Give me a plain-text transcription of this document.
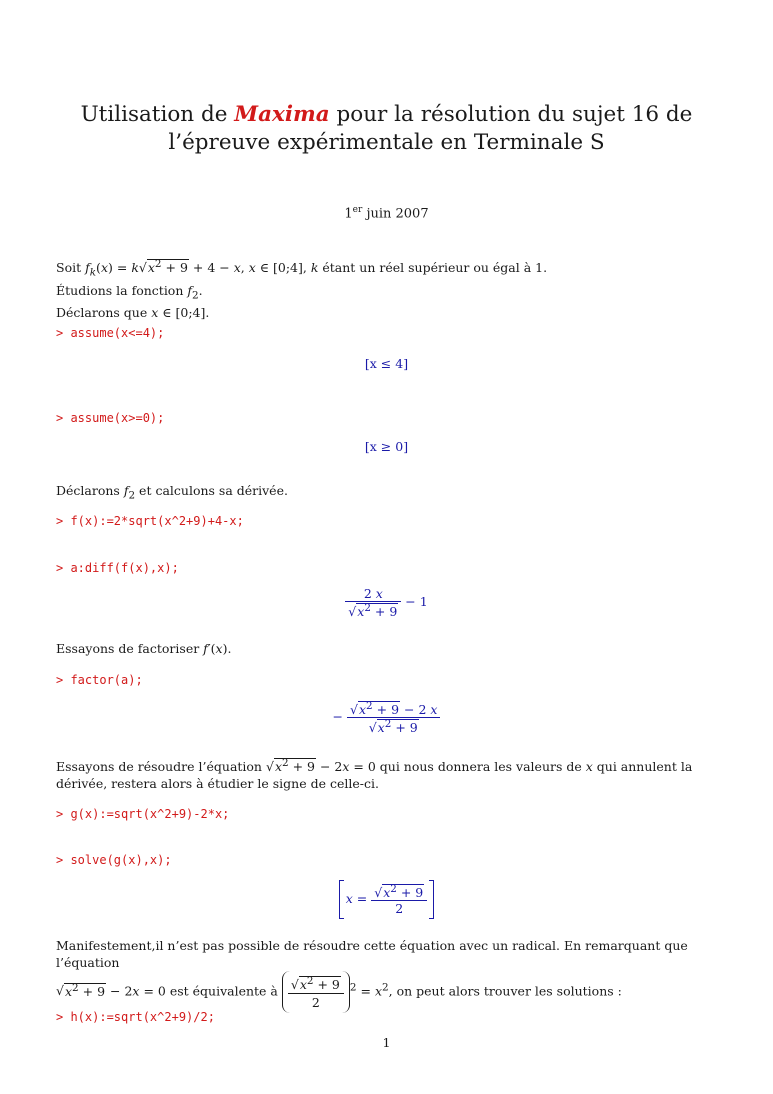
Utilisation de Maxima pour la résolution du sujet 16 de l’épreuve expérimentale en Terminale S
1er juin 2007
Soit $f_k(x) = k√x^2 + 9 + 4 - x$, x ∈ [0;4], k étant un réel supérieur ou égal à 1.
Étudions la fonction $f_2$.
Déclarons que x ∈ [0;4].
> assume(x<=4);
[x ≤ 4]
> assume(x>=0);
[x ≥ 0]
Déclarons $f_2$ et calculons sa dérivée.
> f(x):=2*sqrt(x^2+9)+4-x;
> a:diff(f(x),x);
$\frac{2 x}{√x^2 + 9} - 1$
Essayons de factoriser f′(x).
> factor(a);
− $\frac{√x^2 + 9 - 2 x}{√x^2 + 9}$
Essayons de résoudre l’équation $√x^2 + 9 - 2x = 0$ qui nous donnera les valeurs de x qui annulent la dérivée, restera alors à étudier le signe de celle-ci.
> g(x):=sqrt(x^2+9)-2*x;
> solve(g(x),x);
$x = \frac{√x^2 + 9}{2}$
Manifestement,il n’est pas possible de résoudre cette équation avec un radical. En remarquant que l’équation
$√x^2 + 9 - 2x = 0$ est équivalente à $\frac{√x^2 + 9}{2} ^2 = x^2$, on peut alors trouver les solutions :
> h(x):=sqrt(x^2+9)/2;
1
